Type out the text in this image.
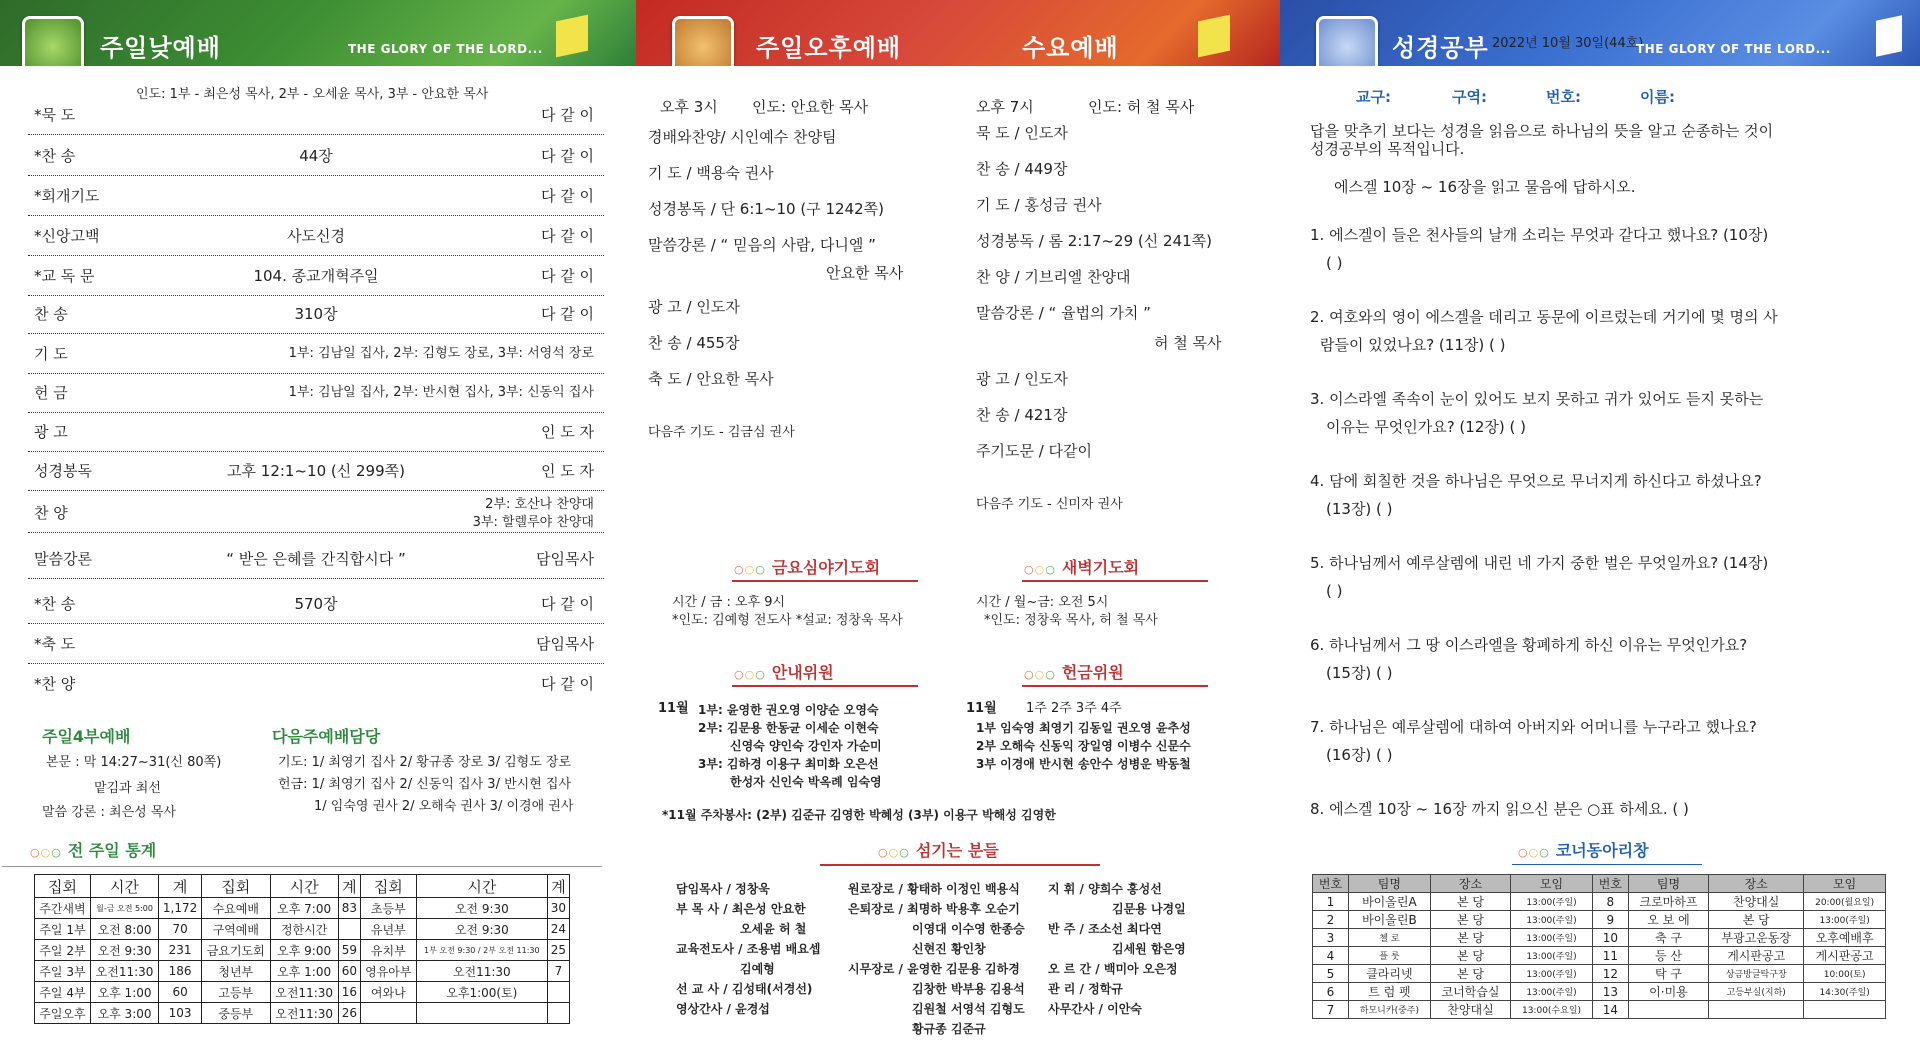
주일낮예배	THE GLORY OF THE LORD...	주일오후예배	수요예배	성경공부 2022년 10월 30일(44호)
THE GLORY OF THE LORD...
인도: 1부 - 최은성 목사, 2부 - 오세윤 목사, 3부 - 안요한 목사
*묵 도	다 같 이
*찬 송	44장	다 같 이
*회개기도	다 같 이
*신앙고백	사도신경	다 같 이
*교 독 문	104. 종교개혁주일	다 같 이
찬 송	310장	다 같 이
기 도	1부: 김남일 집사, 2부: 김형도 장로, 3부: 서영석 장로
헌 금	1부: 김남일 집사, 2부: 반시현 집사, 3부: 신동익 집사
광 고	인 도 자
성경봉독	고후 12:1~10 (신 299쪽)	인 도 자
찬 양	2부: 호산나 찬양대
3부: 할렐루야 찬양대
말씀강론	“ 받은 은혜를 간직합시다 ”	담임목사
*찬 송	570장	다 같 이
*축 도	담임목사
*찬 양	다 같 이
주일4부예배
본문 : 막 14:27~31(신 80쪽)
맡김과 최선
말씀 강론 : 최은성 목사
다음주예배담당
기도: 1/ 최영기 집사 2/ 황규종 장로 3/ 김형도 장로
헌금: 1/ 최영기 집사 2/ 신동익 집사 3/ 반시현 집사
1/ 임숙영 권사 2/ 오해숙 권사 3/ 이경애 권사
○○○ 전 주일 통계
집회	시간	계	집회	시간	계	집회	시간	계
주간새벽	월-금 오전 5:00	1,172	수요예배	오후 7:00	83	초등부	오전 9:30	30
주일 1부	오전 8:00	70	구역예배	정한시간		유년부	오전 9:30	24
주일 2부	오전 9:30	231	금요기도회	오후 9:00	59	유치부	1부 오전 9:30 / 2부 오전 11:30	25
주일 3부	오전11:30	186	청년부	오후 1:00	60	영유아부	오전11:30	7
주일 4부	오후 1:00	60	고등부	오전11:30	16	여와나	오후1:00(토)	
주일오후	오후 3:00	103	중등부	오전11:30	26			
오후 3시 인도: 안요한 목사
경배와찬양/ 시인예수 찬양팀
기 도 / 백용숙 권사
성경봉독 / 단 6:1~10 (구 1242쪽)
말씀강론 / “ 믿음의 사람, 다니엘 ”
안요한 목사
광 고 / 인도자
찬 송 / 455장
축 도 / 안요한 목사
다음주 기도 - 김금심 권사
오후 7시	인도: 허 철 목사
묵 도 / 인도자
찬 송 / 449장
기 도 / 홍성금 권사
성경봉독 / 롬 2:17~29 (신 241쪽)
찬 양 / 기브리엘 찬양대
말씀강론 / “ 율법의 가치 ”
허 철 목사
광 고 / 인도자
찬 송 / 421장
주기도문 / 다같이
다음주 기도 - 신미자 권사
○○○ 금요심야기도회
시간 / 금 : 오후 9시
*인도: 김예형 전도사 *설교: 정창욱 목사
○○○ 새벽기도회
시간 / 월~금: 오전 5시
*인도: 정창욱 목사, 허 철 목사
○○○ 안내위원
11월 1부: 윤영한 권오영 이양순 오영숙
2부: 김문용 한동균 이세순 이현숙
신영숙 양인숙 강인자 가순미
3부: 김하경 이용구 최미화 오은선
한성자 신인숙 박옥례 임숙영
○○○ 헌금위원
11월 1주 2주 3주 4주
1부 임숙영 최영기 김동일 권오영 윤추성
2부 오해숙 신동익 장일영 이병수 신문수
3부 이경애 반시현 송안수 성병운 박동철
*11월 주차봉사: (2부) 김준규 김영한 박혜성 (3부) 이용구 박해성 김영한
○○○ 섬기는 분들
담임목사 / 정창욱
부 목 사 / 최은성 안요한
오세윤 허 철
교육전도사 / 조용범 배요셉
김예형
선 교 사 / 김성태(서경선)
영상간사 / 윤경섭
원로장로 / 황태하 이정인 백용식
은퇴장로 / 최명하 박용후 오순기
이영대 이수영 한종승
신현진 황인창
시무장로 / 윤영한 김문용 김하경
김창한 박부용 김용석
김원철 서영석 김형도
황규종 김준규
지 휘 / 양희수 홍성선
김문용 나경일
반 주 / 조소선 최다연
김세원 함은영
오 르 간 / 백미아 오은정
관 리 / 정학규
사무간사 / 이안숙
교구:	구역:	번호:	이름:
답을 맞추기 보다는 성경을 읽음으로 하나님의 뜻을 알고 순종하는 것이
성경공부의 목적입니다.
에스겔 10장 ~ 16장을 읽고 물음에 답하시오.
1. 에스겔이 들은 천사들의 날개 소리는 무엇과 같다고 했나요? (10장)
( )
2. 여호와의 영이 에스겔을 데리고 동문에 이르렀는데 거기에 몇 명의 사
람들이 있었나요? (11장) ( )
3. 이스라엘 족속이 눈이 있어도 보지 못하고 귀가 있어도 듣지 못하는
이유는 무엇인가요? (12장) ( )
4. 담에 회칠한 것을 하나님은 무엇으로 무너지게 하신다고 하셨나요?
(13장) ( )
5. 하나님께서 예루살렘에 내린 네 가지 중한 벌은 무엇일까요? (14장)
( )
6. 하나님께서 그 땅 이스라엘을 황폐하게 하신 이유는 무엇인가요?
(15장) ( )
7. 하나님은 예루살렘에 대하여 아버지와 어머니를 누구라고 했나요?
(16장) ( )
8. 에스겔 10장 ~ 16장 까지 읽으신 분은 ○표 하세요. ( )
○○○ 코너동아리창
번호	팀명	장소	모임	번호	팀명	장소	모임
1	바이올린A	본 당	13:00(주일)	8	크로마하프	찬양대실	20:00(월요일)
2	바이올린B	본 당	13:00(주일)	9	오 보 에	본 당	13:00(주일)
3	첼 로	본 당	13:00(주일)	10	축 구	부광고운동장	오후예배후
4	플 룻	본 당	13:00(주일)	11	등 산	게시판공고	게시판공고
5	클라리넷	본 당	13:00(주일)	12	탁 구	상금방글탁구장	10:00(토)
6	트 럼 펫	코너학습실	13:00(주일)	13	이·미용	고등부실(지하)	14:30(주일)
7	하모니카(중주)	찬양대실	13:00(수요일)	14			
